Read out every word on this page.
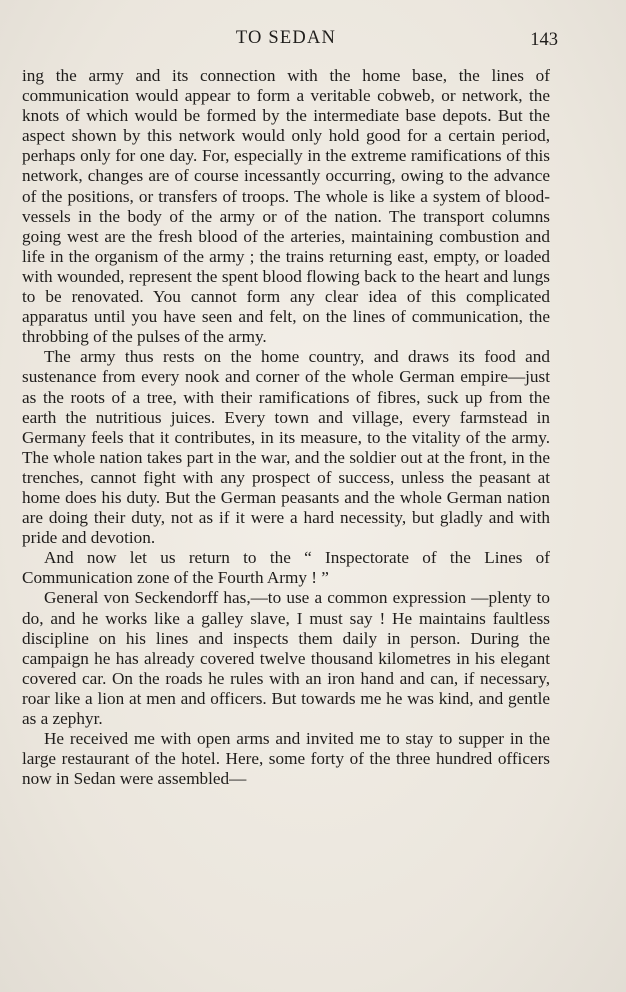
TO SEDAN	143

ing the army and its connection with the home base, the lines of communication would appear to form a veritable cobweb, or network, the knots of which would be formed by the intermediate base depots. But the aspect shown by this network would only hold good for a certain period, perhaps only for one day. For, especially in the extreme ramifications of this network, changes are of course incessantly occurring, owing to the advance of the positions, or transfers of troops. The whole is like a system of blood-vessels in the body of the army or of the nation. The transport columns going west are the fresh blood of the arteries, maintaining combustion and life in the organism of the army ; the trains returning east, empty, or loaded with wounded, represent the spent blood flowing back to the heart and lungs to be renovated. You cannot form any clear idea of this complicated apparatus until you have seen and felt, on the lines of communication, the throbbing of the pulses of the army.

The army thus rests on the home country, and draws its food and sustenance from every nook and corner of the whole German empire—just as the roots of a tree, with their ramifications of fibres, suck up from the earth the nutritious juices. Every town and village, every farmstead in Germany feels that it contributes, in its measure, to the vitality of the army. The whole nation takes part in the war, and the soldier out at the front, in the trenches, cannot fight with any prospect of success, unless the peasant at home does his duty. But the German peasants and the whole German nation are doing their duty, not as if it were a hard necessity, but gladly and with pride and devotion.

And now let us return to the “ Inspectorate of the Lines of Communication zone of the Fourth Army ! ”

General von Seckendorff has,—to use a common expression —plenty to do, and he works like a galley slave, I must say ! He maintains faultless discipline on his lines and inspects them daily in person. During the campaign he has already covered twelve thousand kilometres in his elegant covered car. On the roads he rules with an iron hand and can, if necessary, roar like a lion at men and officers. But towards me he was kind, and gentle as a zephyr.

He received me with open arms and invited me to stay to supper in the large restaurant of the hotel. Here, some forty of the three hundred officers now in Sedan were assembled—
